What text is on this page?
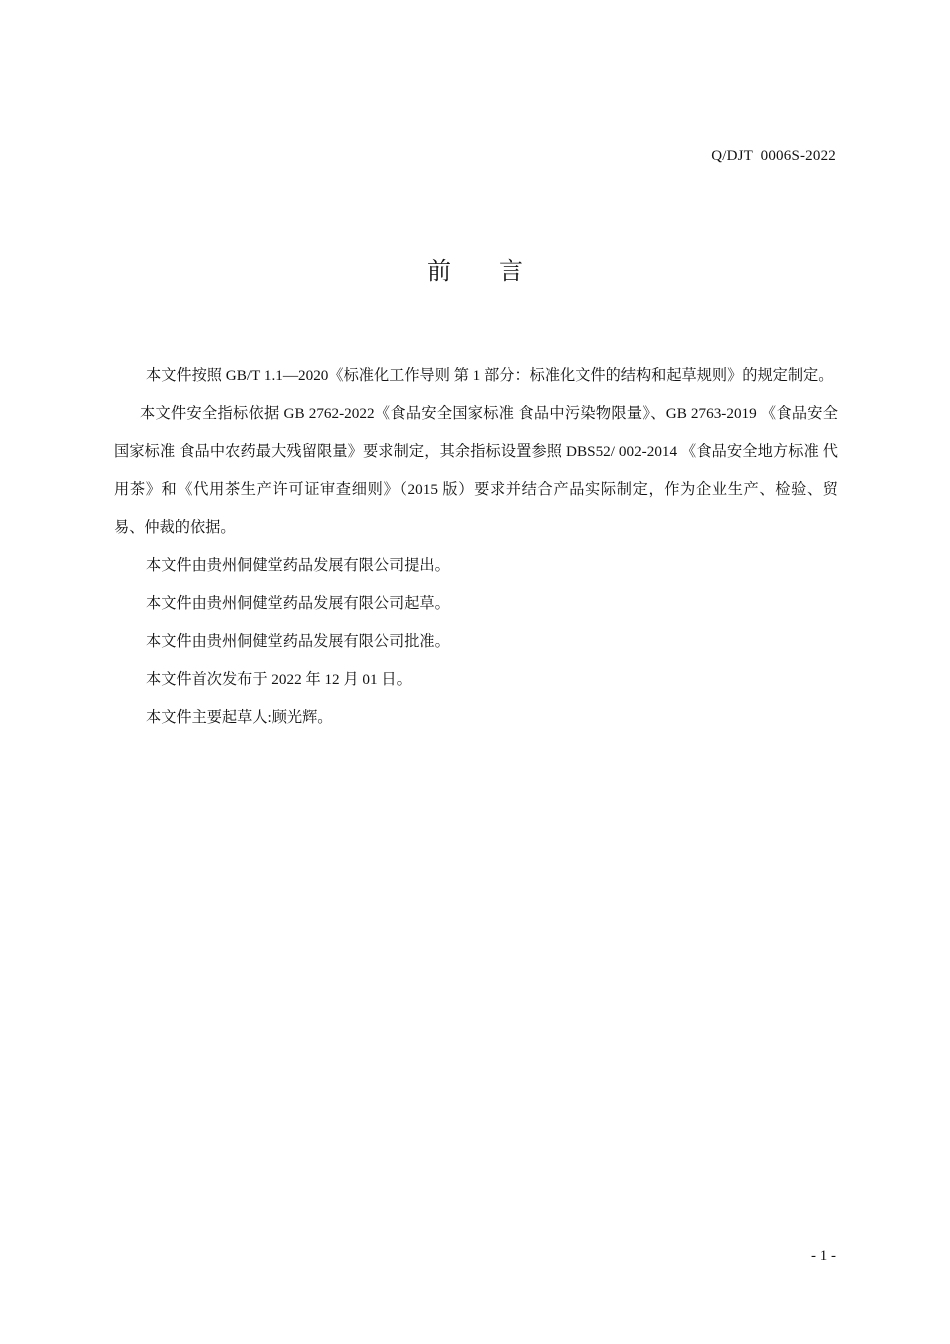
Q/DJT  0006S-2022
前　　言

本文件按照 GB/T 1.1—2020《标准化工作导则 第 1 部分：标准化文件的结构和起草规则》的规定制定。

本文件安全指标依据 GB 2762-2022《食品安全国家标准 食品中污染物限量》、GB 2763-2019 《食品安全国家标准 食品中农药最大残留限量》要求制定，其余指标设置参照 DBS52/ 002-2014 《食品安全地方标准 代用茶》和《代用茶生产许可证审查细则》（2015 版）要求并结合产品实际制定，作为企业生产、检验、贸易、仲裁的依据。

本文件由贵州侗健堂药品发展有限公司提出。

本文件由贵州侗健堂药品发展有限公司起草。

本文件由贵州侗健堂药品发展有限公司批准。

本文件首次发布于 2022 年 12 月 01 日。

本文件主要起草人:顾光辉。

- 1 -
